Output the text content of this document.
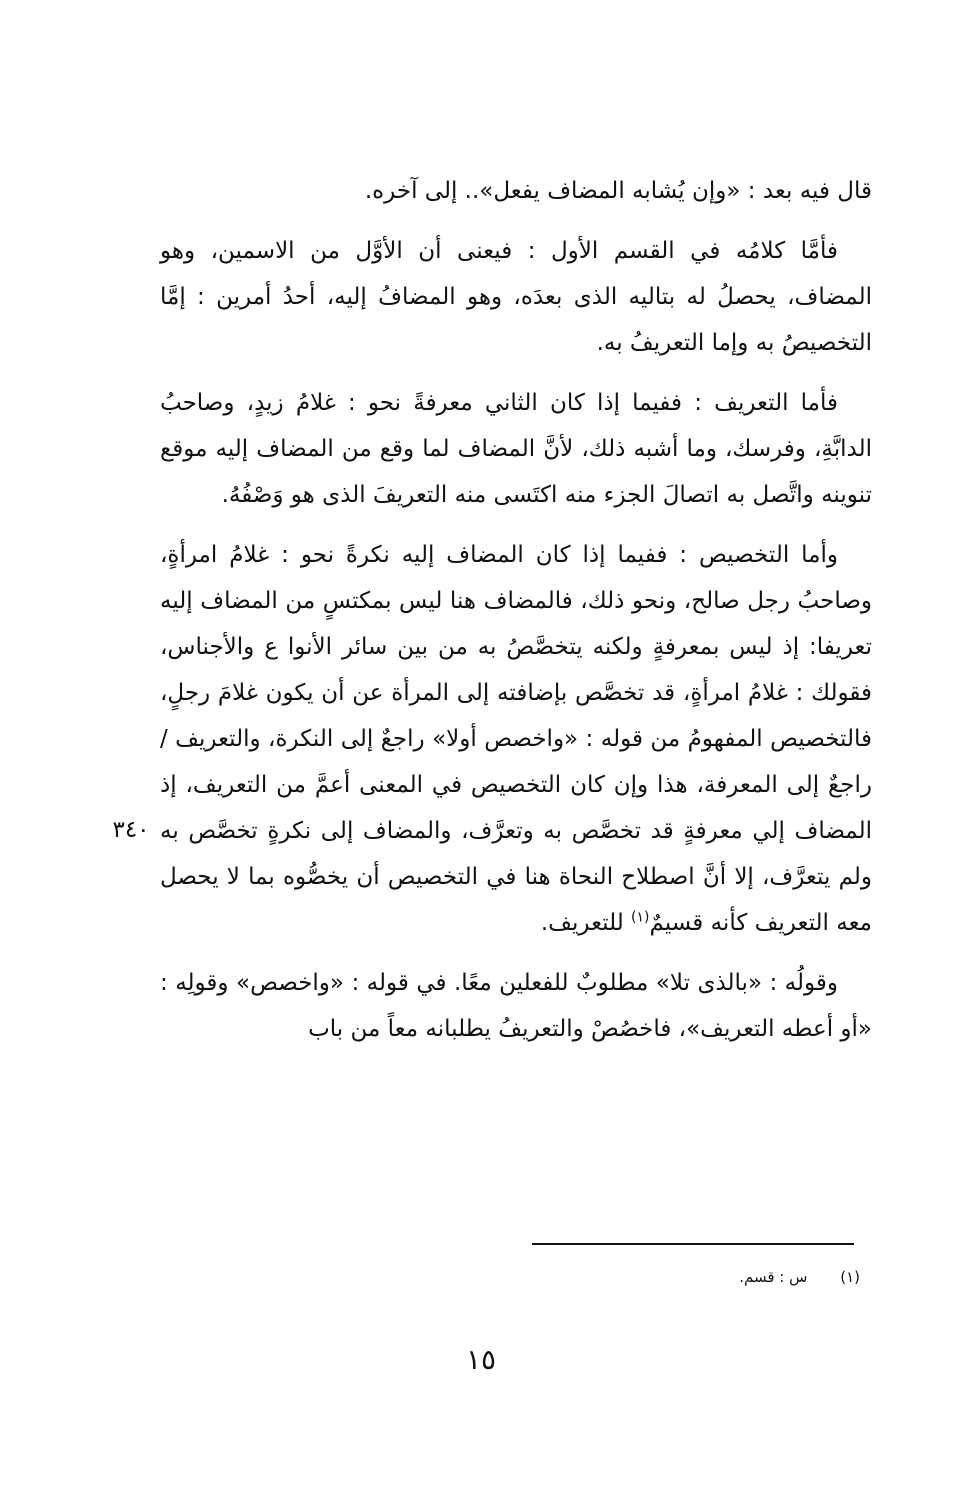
قال فيه بعد : «وإن يُشابه المضاف يفعل».. إلى آخره.

فأمَّا كلامُه في القسم الأول : فيعنى أن الأوَّل من الاسمين، وهو المضاف، يحصلُ له بتاليه الذى بعدَه، وهو المضافُ إليه، أحدُ أمرين : إمَّا التخصيصُ به وإما التعريفُ به.

فأما التعريف : ففيما إذا كان الثاني معرفةً نحو : غلامُ زيدٍ، وصاحبُ الدابَّةِ، وفرسك، وما أشبه ذلك، لأنَّ المضاف لما وقع من المضاف إليه موقع تنوينه واتَّصل به اتصالَ الجزء منه اكتَسى منه التعريفَ الذى هو وَصْفُهُ.

وأما التخصيص : ففيما إذا كان المضاف إليه نكرةً نحو : غلامُ امرأةٍ، وصاحبُ رجل صالح، ونحو ذلك، فالمضاف هنا ليس بمكتسٍ من المضاف إليه تعريفا: إذ ليس بمعرفةٍ ولكنه يتخصَّصُ به من بين سائر الأنوا ع والأجناس، فقولك : غلامُ امرأةٍ، قد تخصَّص بإضافته إلى المرأة عن أن يكون غلامَ رجلٍ، فالتخصيص المفهومُ من قوله : «واخصص أولا» راجعٌ إلى النكرة، والتعريف / راجعٌ إلى المعرفة، هذا وإن كان التخصيص في المعنى أعمَّ من التعريف، إذ المضاف إلي معرفةٍ قد تخصَّص به وتعرَّف، والمضاف إلى نكرةٍ تخصَّص به ولم يتعرَّف، إلا أنَّ اصطلاح النحاة هنا في التخصيص أن يخصُّوه بما لا يحصل معه التعريف كأنه قسيمٌ$^{(١)}$ للتعريف.

وقولُه : «بالذى تلا» مطلوبٌ للفعلين معًا. في قوله : «واخصص» وقولِه : «أو أعطه التعريف»، فاخصُصْ والتعريفُ يطلبانه معاً من باب

٣٤٠
(١) س : قسم.
١٥
